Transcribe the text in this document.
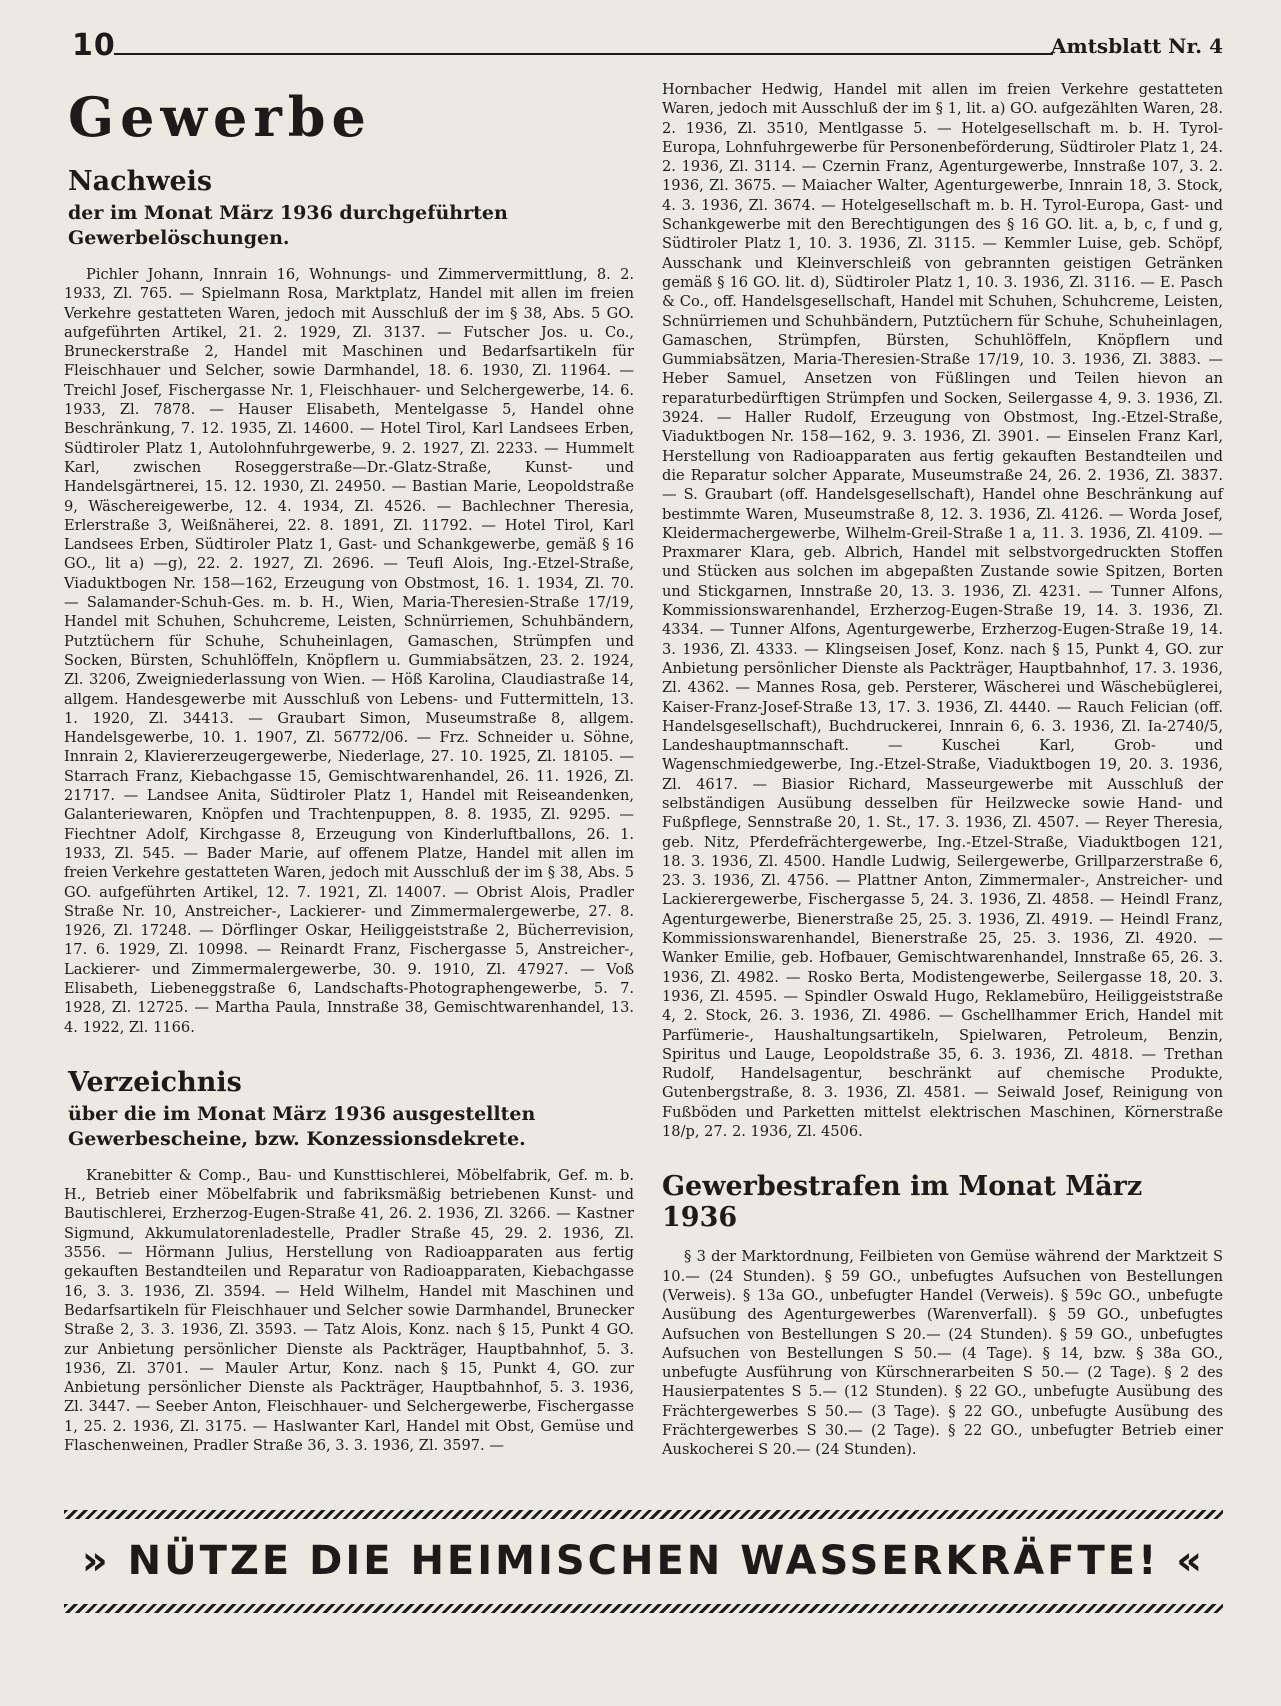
10	Amtsblatt Nr. 4
Gewerbe
Nachweis
der im Monat März 1936 durchgeführten Gewerbelöschungen.

Pichler Johann, Innrain 16, Wohnungs- und Zimmervermittlung, 8. 2. 1933, Zl. 765. — Spielmann Rosa, Marktplatz, Handel mit allen im freien Verkehre gestatteten Waren, jedoch mit Ausschluß der im § 38, Abs. 5 GO. aufgeführten Artikel, 21. 2. 1929, Zl. 3137. — Futscher Jos. u. Co., Bruneckerstraße 2, Handel mit Maschinen und Bedarfsartikeln für Fleischhauer und Selcher, sowie Darmhandel, 18. 6. 1930, Zl. 11964. — Treichl Josef, Fischergasse Nr. 1, Fleischhauer- und Selchergewerbe, 14. 6. 1933, Zl. 7878. — Hauser Elisabeth, Mentelgasse 5, Handel ohne Beschränkung, 7. 12. 1935, Zl. 14600. — Hotel Tirol, Karl Landsees Erben, Südtiroler Platz 1, Autolohnfuhrgewerbe, 9. 2. 1927, Zl. 2233. — Hummelt Karl, zwischen Roseggerstraße—Dr.-Glatz-Straße, Kunst- und Handelsgärtnerei, 15. 12. 1930, Zl. 24950. — Bastian Marie, Leopoldstraße 9, Wäschereigewerbe, 12. 4. 1934, Zl. 4526. — Bachlechner Theresia, Erlerstraße 3, Weißnäherei, 22. 8. 1891, Zl. 11792. — Hotel Tirol, Karl Landsees Erben, Südtiroler Platz 1, Gast- und Schankgewerbe, gemäß § 16 GO., lit a) —g), 22. 2. 1927, Zl. 2696. — Teufl Alois, Ing.-Etzel-Straße, Viaduktbogen Nr. 158—162, Erzeugung von Obstmost, 16. 1. 1934, Zl. 70. — Salamander-Schuh-Ges. m. b. H., Wien, Maria-Theresien-Straße 17/19, Handel mit Schuhen, Schuhcreme, Leisten, Schnürriemen, Schuhbändern, Putztüchern für Schuhe, Schuheinlagen, Gamaschen, Strümpfen und Socken, Bürsten, Schuhlöffeln, Knöpflern u. Gummiabsätzen, 23. 2. 1924, Zl. 3206, Zweigniederlassung von Wien. — Höß Karolina, Claudiastraße 14, allgem. Handesgewerbe mit Ausschluß von Lebens- und Futtermitteln, 13. 1. 1920, Zl. 34413. — Graubart Simon, Museumstraße 8, allgem. Handelsgewerbe, 10. 1. 1907, Zl. 56772/06. — Frz. Schneider u. Söhne, Innrain 2, Klaviererzeugergewerbe, Niederlage, 27. 10. 1925, Zl. 18105. — Starrach Franz, Kiebachgasse 15, Gemischtwarenhandel, 26. 11. 1926, Zl. 21717. — Landsee Anita, Südtiroler Platz 1, Handel mit Reiseandenken, Galanteriewaren, Knöpfen und Trachtenpuppen, 8. 8. 1935, Zl. 9295. — Fiechtner Adolf, Kirchgasse 8, Erzeugung von Kinderluftballons, 26. 1. 1933, Zl. 545. — Bader Marie, auf offenem Platze, Handel mit allen im freien Verkehre gestatteten Waren, jedoch mit Ausschluß der im § 38, Abs. 5 GO. aufgeführten Artikel, 12. 7. 1921, Zl. 14007. — Obrist Alois, Pradler Straße Nr. 10, Anstreicher-, Lackierer- und Zimmermalergewerbe, 27. 8. 1926, Zl. 17248. — Dörflinger Oskar, Heiliggeiststraße 2, Bücherrevision, 17. 6. 1929, Zl. 10998. — Reinardt Franz, Fischergasse 5, Anstreicher-, Lackierer- und Zimmermalergewerbe, 30. 9. 1910, Zl. 47927. — Voß Elisabeth, Liebeneggstraße 6, Landschafts-Photographengewerbe, 5. 7. 1928, Zl. 12725. — Martha Paula, Innstraße 38, Gemischtwarenhandel, 13. 4. 1922, Zl. 1166.

Verzeichnis
über die im Monat März 1936 ausgestellten Gewerbescheine, bzw. Konzessionsdekrete.

Kranebitter & Comp., Bau- und Kunsttischlerei, Möbelfabrik, Gef. m. b. H., Betrieb einer Möbelfabrik und fabriksmäßig betriebenen Kunst- und Bautischlerei, Erzherzog-Eugen-Straße 41, 26. 2. 1936, Zl. 3266. — Kastner Sigmund, Akkumulatorenladestelle, Pradler Straße 45, 29. 2. 1936, Zl. 3556. — Hörmann Julius, Herstellung von Radioapparaten aus fertig gekauften Bestandteilen und Reparatur von Radioapparaten, Kiebachgasse 16, 3. 3. 1936, Zl. 3594. — Held Wilhelm, Handel mit Maschinen und Bedarfsartikeln für Fleischhauer und Selcher sowie Darmhandel, Brunecker Straße 2, 3. 3. 1936, Zl. 3593. — Tatz Alois, Konz. nach § 15, Punkt 4 GO. zur Anbietung persönlicher Dienste als Packträger, Hauptbahnhof, 5. 3. 1936, Zl. 3701. — Mauler Artur, Konz. nach § 15, Punkt 4, GO. zur Anbietung persönlicher Dienste als Packträger, Hauptbahnhof, 5. 3. 1936, Zl. 3447. — Seeber Anton, Fleischhauer- und Selchergewerbe, Fischergasse 1, 25. 2. 1936, Zl. 3175. — Haslwanter Karl, Handel mit Obst, Gemüse und Flaschenweinen, Pradler Straße 36, 3. 3. 1936, Zl. 3597. —

Hornbacher Hedwig, Handel mit allen im freien Verkehre gestatteten Waren, jedoch mit Ausschluß der im § 1, lit. a) GO. aufgezählten Waren, 28. 2. 1936, Zl. 3510, Mentlgasse 5. — Hotelgesellschaft m. b. H. Tyrol-Europa, Lohnfuhrgewerbe für Personenbeförderung, Südtiroler Platz 1, 24. 2. 1936, Zl. 3114. — Czernin Franz, Agenturgewerbe, Innstraße 107, 3. 2. 1936, Zl. 3675. — Maiacher Walter, Agenturgewerbe, Innrain 18, 3. Stock, 4. 3. 1936, Zl. 3674. — Hotelgesellschaft m. b. H. Tyrol-Europa, Gast- und Schankgewerbe mit den Berechtigungen des § 16 GO. lit. a, b, c, f und g, Südtiroler Platz 1, 10. 3. 1936, Zl. 3115. — Kemmler Luise, geb. Schöpf, Ausschank und Kleinverschleiß von gebrannten geistigen Getränken gemäß § 16 GO. lit. d), Südtiroler Platz 1, 10. 3. 1936, Zl. 3116. — E. Pasch & Co., off. Handelsgesellschaft, Handel mit Schuhen, Schuhcreme, Leisten, Schnürriemen und Schuhbändern, Putztüchern für Schuhe, Schuheinlagen, Gamaschen, Strümpfen, Bürsten, Schuhlöffeln, Knöpflern und Gummiabsätzen, Maria-Theresien-Straße 17/19, 10. 3. 1936, Zl. 3883. — Heber Samuel, Ansetzen von Füßlingen und Teilen hievon an reparaturbedürftigen Strümpfen und Socken, Seilergasse 4, 9. 3. 1936, Zl. 3924. — Haller Rudolf, Erzeugung von Obstmost, Ing.-Etzel-Straße, Viaduktbogen Nr. 158—162, 9. 3. 1936, Zl. 3901. — Einselen Franz Karl, Herstellung von Radioapparaten aus fertig gekauften Bestandteilen und die Reparatur solcher Apparate, Museumstraße 24, 26. 2. 1936, Zl. 3837. — S. Graubart (off. Handelsgesellschaft), Handel ohne Beschränkung auf bestimmte Waren, Museumstraße 8, 12. 3. 1936, Zl. 4126. — Worda Josef, Kleidermachergewerbe, Wilhelm-Greil-Straße 1 a, 11. 3. 1936, Zl. 4109. — Praxmarer Klara, geb. Albrich, Handel mit selbstvorgedruckten Stoffen und Stücken aus solchen im abgepaßten Zustande sowie Spitzen, Borten und Stickgarnen, Innstraße 20, 13. 3. 1936, Zl. 4231. — Tunner Alfons, Kommissionswarenhandel, Erzherzog-Eugen-Straße 19, 14. 3. 1936, Zl. 4334. — Tunner Alfons, Agenturgewerbe, Erzherzog-Eugen-Straße 19, 14. 3. 1936, Zl. 4333. — Klingseisen Josef, Konz. nach § 15, Punkt 4, GO. zur Anbietung persönlicher Dienste als Packträger, Hauptbahnhof, 17. 3. 1936, Zl. 4362. — Mannes Rosa, geb. Persterer, Wäscherei und Wäschebüglerei, Kaiser-Franz-Josef-Straße 13, 17. 3. 1936, Zl. 4440. — Rauch Felician (off. Handelsgesellschaft), Buchdruckerei, Innrain 6, 6. 3. 1936, Zl. Ia-2740/5, Landeshauptmannschaft. — Kuschei Karl, Grob- und Wagenschmiedgewerbe, Ing.-Etzel-Straße, Viaduktbogen 19, 20. 3. 1936, Zl. 4617. — Biasior Richard, Masseurgewerbe mit Ausschluß der selbständigen Ausübung desselben für Heilzwecke sowie Hand- und Fußpflege, Sennstraße 20, 1. St., 17. 3. 1936, Zl. 4507. — Reyer Theresia, geb. Nitz, Pferdefrächtergewerbe, Ing.-Etzel-Straße, Viaduktbogen 121, 18. 3. 1936, Zl. 4500. Handle Ludwig, Seilergewerbe, Grillparzerstraße 6, 23. 3. 1936, Zl. 4756. — Plattner Anton, Zimmermaler-, Anstreicher- und Lackierergewerbe, Fischergasse 5, 24. 3. 1936, Zl. 4858. — Heindl Franz, Agenturgewerbe, Bienerstraße 25, 25. 3. 1936, Zl. 4919. — Heindl Franz, Kommissionswarenhandel, Bienerstraße 25, 25. 3. 1936, Zl. 4920. — Wanker Emilie, geb. Hofbauer, Gemischtwarenhandel, Innstraße 65, 26. 3. 1936, Zl. 4982. — Rosko Berta, Modistengewerbe, Seilergasse 18, 20. 3. 1936, Zl. 4595. — Spindler Oswald Hugo, Reklamebüro, Heiliggeiststraße 4, 2. Stock, 26. 3. 1936, Zl. 4986. — Gschellhammer Erich, Handel mit Parfümerie-, Haushaltungsartikeln, Spielwaren, Petroleum, Benzin, Spiritus und Lauge, Leopoldstraße 35, 6. 3. 1936, Zl. 4818. — Trethan Rudolf, Handelsagentur, beschränkt auf chemische Produkte, Gutenbergstraße, 8. 3. 1936, Zl. 4581. — Seiwald Josef, Reinigung von Fußböden und Parketten mittelst elektrischen Maschinen, Körnerstraße 18/p, 27. 2. 1936, Zl. 4506.

Gewerbestrafen im Monat März 1936

§ 3 der Marktordnung, Feilbieten von Gemüse während der Marktzeit S 10.— (24 Stunden). § 59 GO., unbefugtes Aufsuchen von Bestellungen (Verweis). § 13a GO., unbefugter Handel (Verweis). § 59c GO., unbefugte Ausübung des Agenturgewerbes (Warenverfall). § 59 GO., unbefugtes Aufsuchen von Bestellungen S 20.— (24 Stunden). § 59 GO., unbefugtes Aufsuchen von Bestellungen S 50.— (4 Tage). § 14, bzw. § 38a GO., unbefugte Ausführung von Kürschnerarbeiten S 50.— (2 Tage). § 2 des Hausierpatentes S 5.— (12 Stunden). § 22 GO., unbefugte Ausübung des Frächtergewerbes S 50.— (3 Tage). § 22 GO., unbefugte Ausübung des Frächtergewerbes S 30.— (2 Tage). § 22 GO., unbefugter Betrieb einer Auskocherei S 20.— (24 Stunden).

» NÜTZE DIE HEIMISCHEN WASSERKRÄFTE! «
